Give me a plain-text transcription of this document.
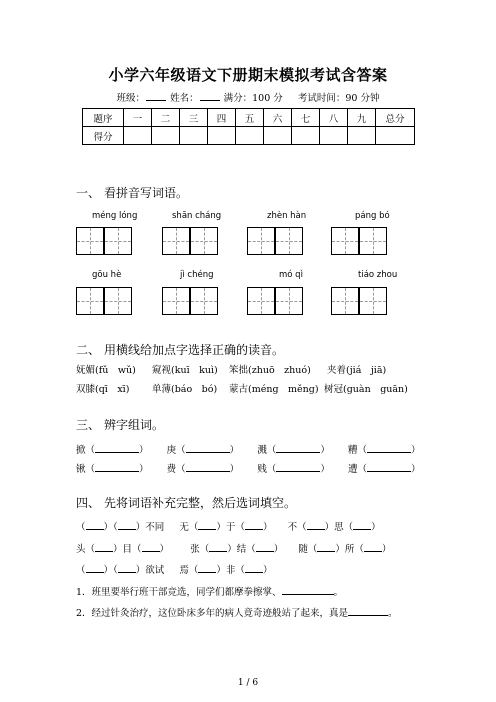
小学六年级语文下册期末模拟考试含答案
班级：	姓名：	满分：100 分 考试时间：90 分钟
题序	一	二	三	四	五	六	七	八	九	总分
得分										
一、 看拼音写词语。
méng lóng	shān cháng	zhèn hàn	páng bó
gōu hè	jì chéng	mó qì	tiáo zhou
二、 用横线给加点字选择正确的读音。
妩媚(fǔ　wǔ) 窥视(kuī　kuì) 笨拙(zhuō　zhuó) 夹着(jiá　jiā)
双膝(qī　xī) 单薄(báo　bó) 蒙古(méng　měng) 树冠(guàn　guān)
三、 辨字组词。
掀（	） 庚（	） 溅（	） 糟（	）
锹（	） 费（	） 贱（	） 遭（	）
四、 先将词语补充完整，然后选词填空。
（ ）（ ）不同 无（ ）于（ ） 不（ ）思（ ）
头（ ）目（ ） 张（ ）结（ ） 随（ ）所（ ）
（ ）（ ）欲试 焉（ ）非（ ）
1．班里要举行班干部竞选，同学们都摩拳擦掌、	。
2．经过针灸治疗，这位卧床多年的病人竟奇迹般站了起来，真是	。
1 / 6
